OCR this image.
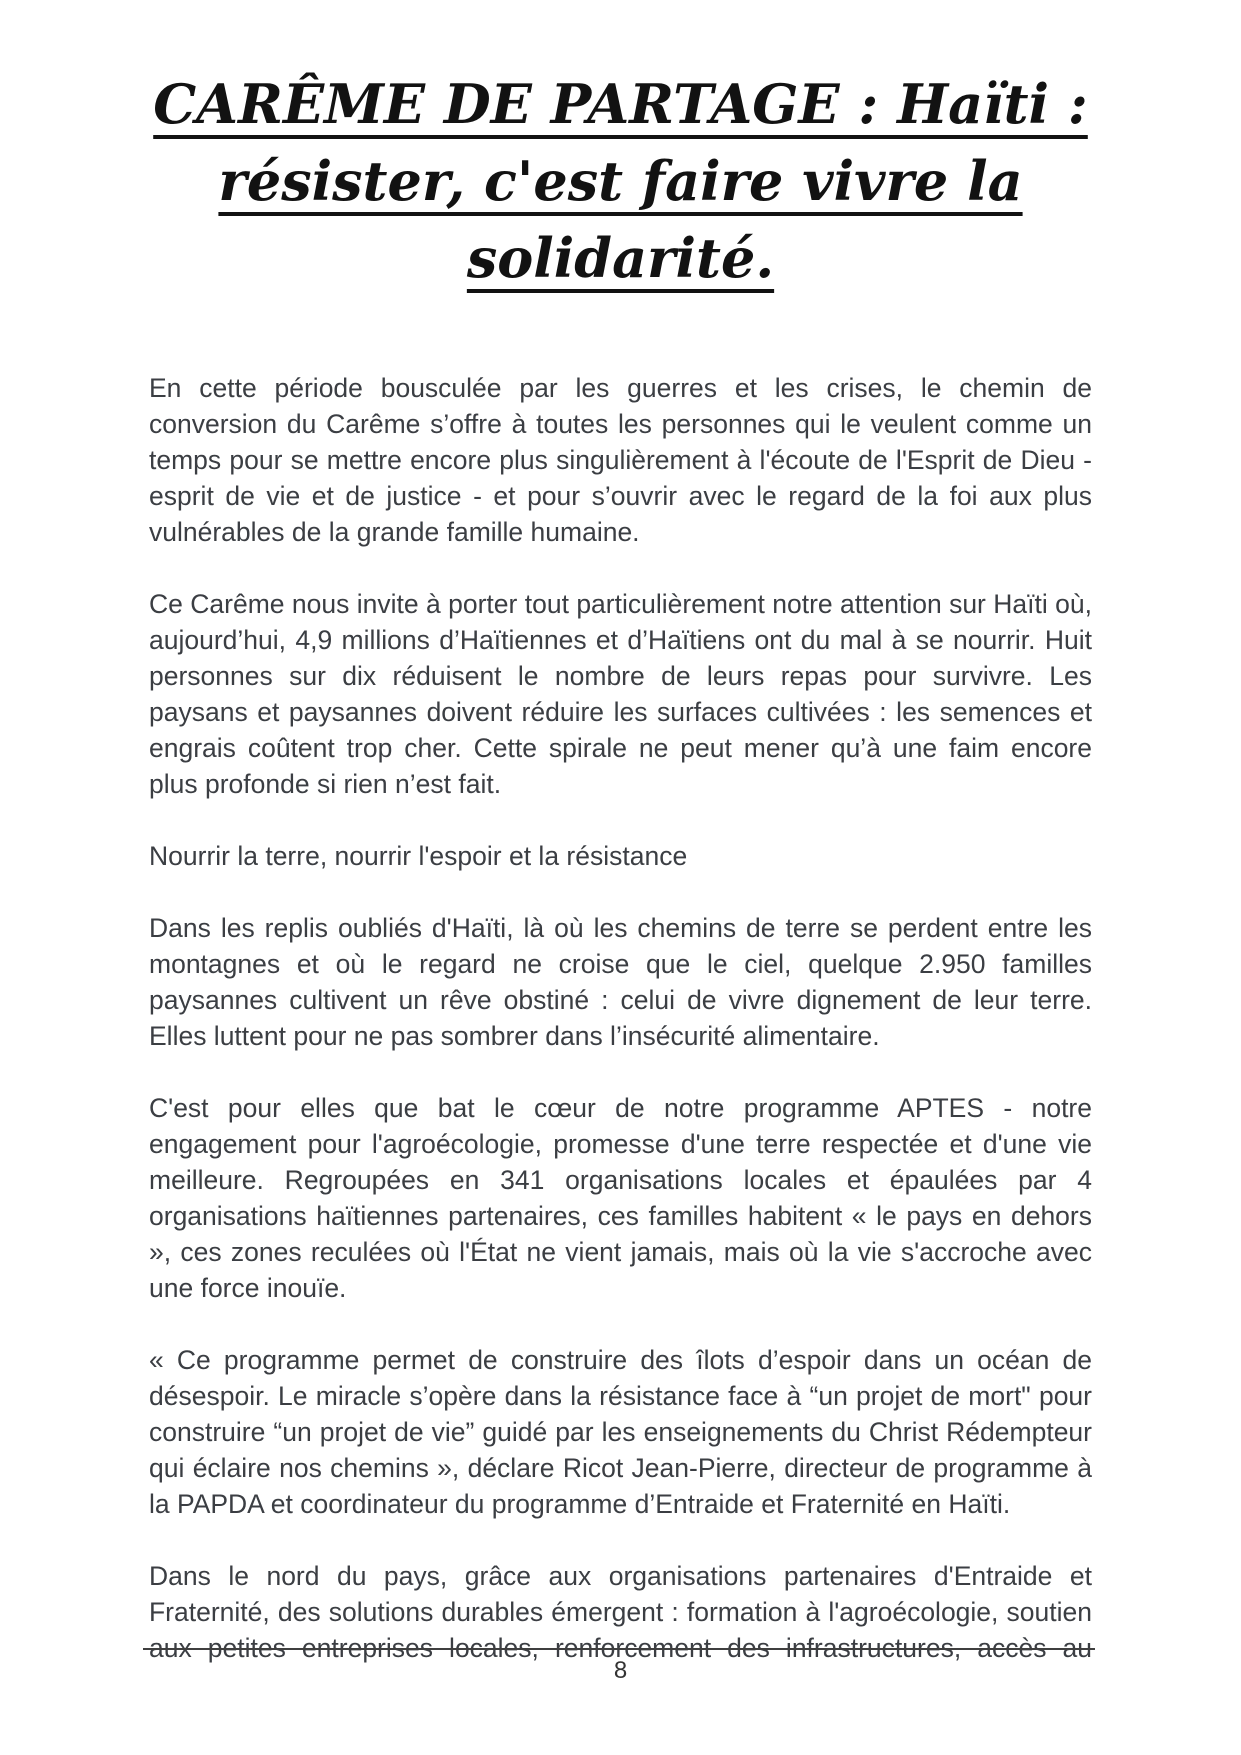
CARÊME DE PARTAGE : Haïti :
résister, c'est faire vivre la
solidarité.

En cette période bousculée par les guerres et les crises, le chemin de conversion du Carême s’offre à toutes les personnes qui le veulent comme un temps pour se mettre encore plus singulièrement à l'écoute de l'Esprit de Dieu - esprit de vie et de justice - et pour s’ouvrir avec le regard de la foi aux plus vulnérables de la grande famille humaine.

Ce Carême nous invite à porter tout particulièrement notre attention sur Haïti où, aujourd’hui, 4,9 millions d’Haïtiennes et d’Haïtiens ont du mal à se nourrir. Huit personnes sur dix réduisent le nombre de leurs repas pour survivre. Les paysans et paysannes doivent réduire les surfaces cultivées : les semences et engrais coûtent trop cher. Cette spirale ne peut mener qu’à une faim encore plus profonde si rien n’est fait.

Nourrir la terre, nourrir l'espoir et la résistance

Dans les replis oubliés d'Haïti, là où les chemins de terre se perdent entre les montagnes et où le regard ne croise que le ciel, quelque 2.950 familles paysannes cultivent un rêve obstiné : celui de vivre dignement de leur terre. Elles luttent pour ne pas sombrer dans l’insécurité alimentaire.

C'est pour elles que bat le cœur de notre programme APTES - notre engagement pour l'agroécologie, promesse d'une terre respectée et d'une vie meilleure. Regroupées en 341 organisations locales et épaulées par 4 organisations haïtiennes partenaires, ces familles habitent « le pays en dehors », ces zones reculées où l'État ne vient jamais, mais où la vie s'accroche avec une force inouïe.

« Ce programme permet de construire des îlots d’espoir dans un océan de désespoir. Le miracle s’opère dans la résistance face à “un projet de mort" pour construire “un projet de vie” guidé par les enseignements du Christ Rédempteur qui éclaire nos chemins », déclare Ricot Jean-Pierre, directeur de programme à la PAPDA et coordinateur du programme d’Entraide et Fraternité en Haïti.

Dans le nord du pays, grâce aux organisations partenaires d'Entraide et Fraternité, des solutions durables émergent : formation à l'agroécologie, soutien aux petites entreprises locales, renforcement des infrastructures, accès au

8
